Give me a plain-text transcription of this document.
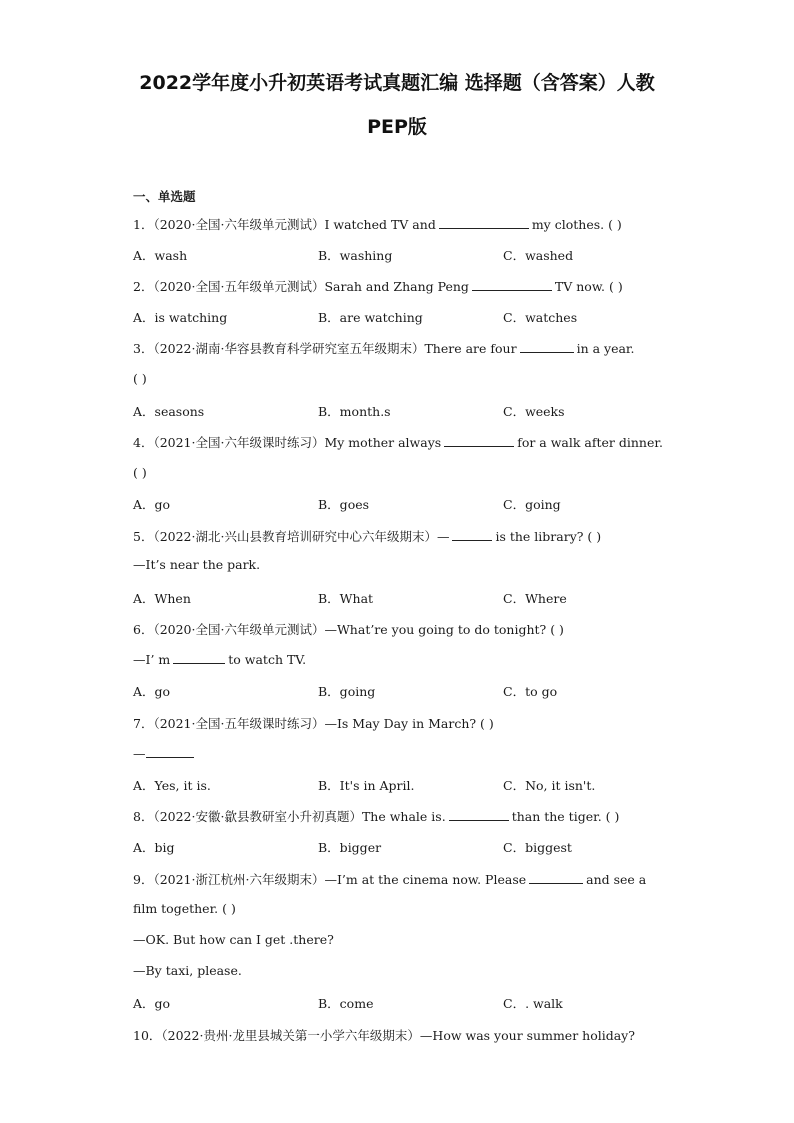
2022学年度小升初英语考试真题汇编 选择题（含答案）人教
PEP版
一、单选题
1．（2020·全国·六年级单元测试）I watched TV and	my clothes. ( )
A．wash	B．washing	C．washed
2．（2020·全国·五年级单元测试）Sarah and Zhang Peng	TV now. ( )
A．is watching	B．are watching	C．watches
3．（2022·湖南·华容县教育科学研究室五年级期末）There are four	in a year.
( )
A．seasons	B．month.s	C．weeks
4．（2021·全国·六年级课时练习）My mother always	for a walk after dinner.
( )
A．go	B．goes	C．going
5．（2022·湖北·兴山县教育培训研究中心六年级期末）—	is the library? ( )
—It’s near the park.
A．When	B．What	C．Where
6．（2020·全国·六年级单元测试）—What’re you going to do tonight? ( )
—I’ m	to watch TV.
A．go	B．going	C．to go
7．（2021·全国·五年级课时练习）—Is May Day in March? ( )
—
A．Yes, it is.	B．It's in April.	C．No, it isn't.
8．（2022·安徽·歙县教研室小升初真题）The whale is.	than the tiger. ( )
A．big	B．bigger	C．biggest
9．（2021·浙江杭州·六年级期末）—I’m at the cinema now. Please	and see a
film together. ( )
—OK. But how can I get .there?
—By taxi, please.
A．go	B．come	C．. walk
10．（2022·贵州·龙里县城关第一小学六年级期末）—How was your summer holiday?
